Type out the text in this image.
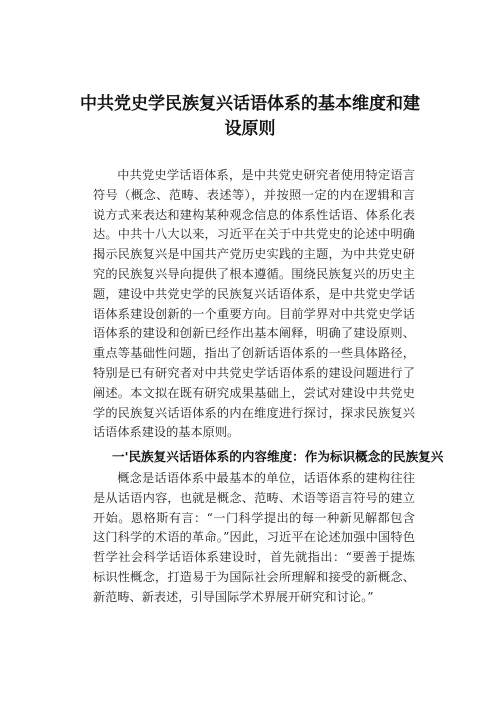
中共党史学民族复兴话语体系的基本维度和建设原则
中共党史学话语体系，是中共党史研究者使用特定语言符号（概念、范畴、表述等），并按照一定的内在逻辑和言说方式来表达和建构某种观念信息的体系性话语、体系化表达。中共十八大以来，习近平在关于中共党史的论述中明确揭示民族复兴是中国共产党历史实践的主题，为中共党史研究的民族复兴导向提供了根本遵循。围绕民族复兴的历史主题，建设中共党史学的民族复兴话语体系，是中共党史学话语体系建设创新的一个重要方向。目前学界对中共党史学话语体系的建设和创新已经作出基本阐释，明确了建设原则、重点等基础性问题，指出了创新话语体系的一些具体路径，特别是已有研究者对中共党史学话语体系的建设问题进行了阐述。本文拟在既有研究成果基础上，尝试对建设中共党史学的民族复兴话语体系的内在维度进行探讨，探求民族复兴话语体系建设的基本原则。
一'民族复兴话语体系的内容维度：作为标识概念的民族复兴
概念是话语体系中最基本的单位，话语体系的建构往往是从话语内容，也就是概念、范畴、术语等语言符号的建立开始。恩格斯有言：“一门科学提出的每一种新见解都包含这门科学的术语的革命。”因此，习近平在论述加强中国特色哲学社会科学话语体系建设时，首先就指出：“要善于提炼标识性概念，打造易于为国际社会所理解和接受的新概念、新范畴、新表述，引导国际学术界展开研究和讨论。”
